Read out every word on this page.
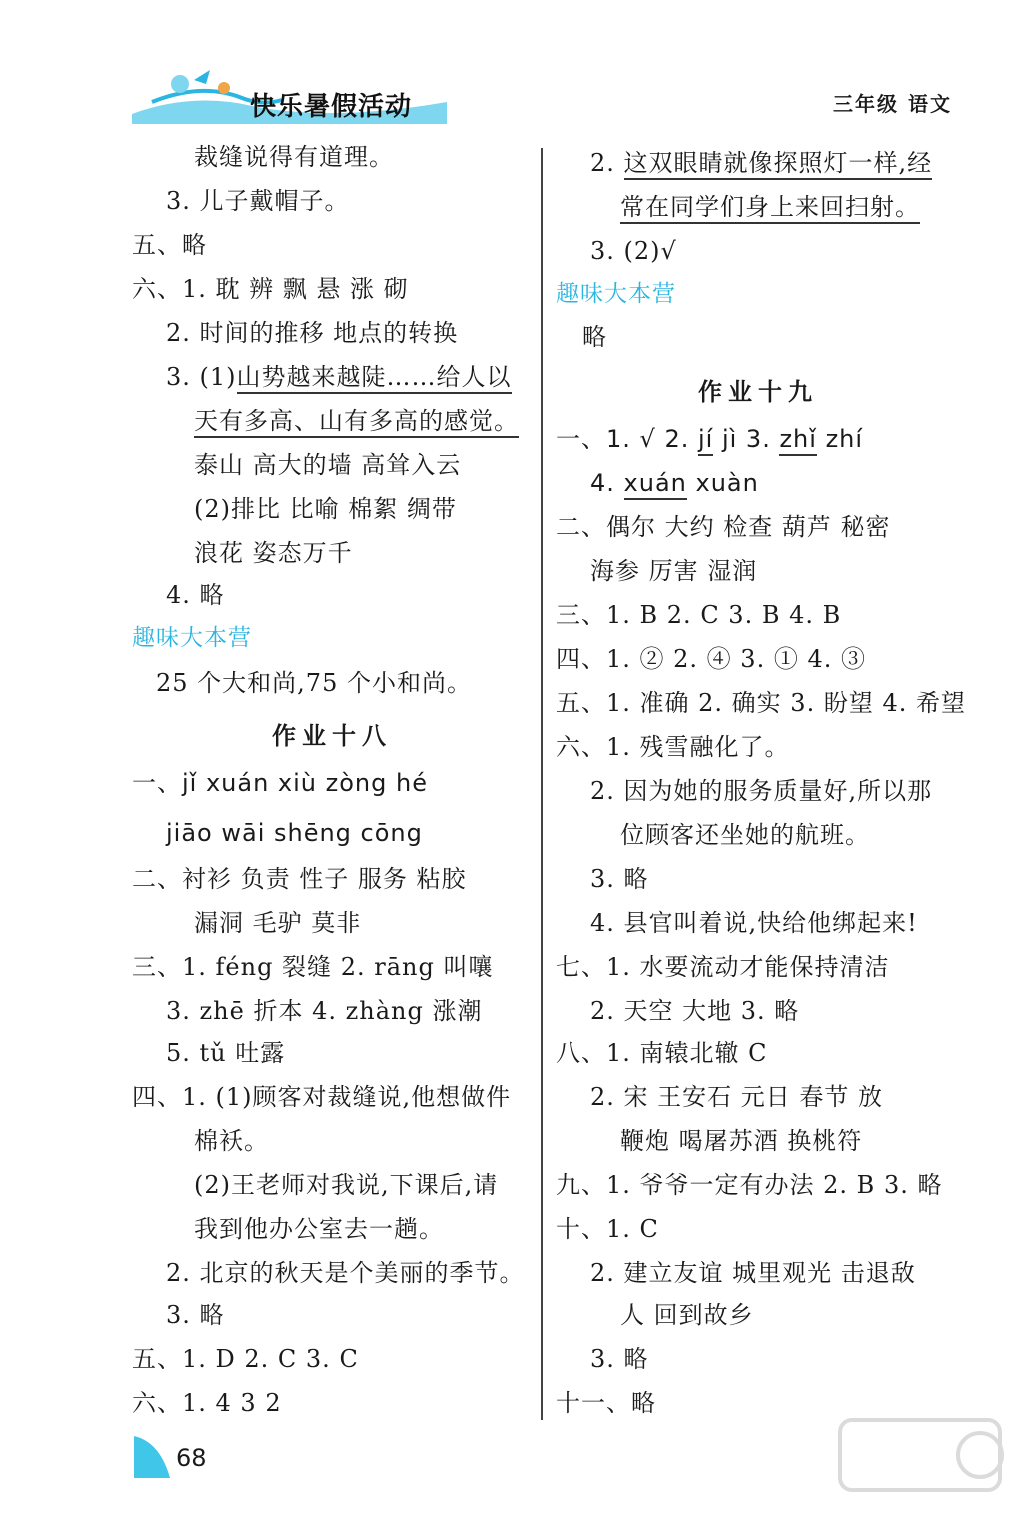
快乐暑假活动	三年级 语文
裁缝说得有道理。
3. 儿子戴帽子。
五、略
六、1. 耽 辨 飘 悬 涨 砌
2. 时间的推移 地点的转换
3. (1)山势越来越陡……给人以
天有多高、山有多高的感觉。
泰山 高大的墙 高耸入云
(2)排比 比喻 棉絮 绸带
浪花 姿态万千
4. 略
趣味大本营
25 个大和尚,75 个小和尚。
作业十八
一、jǐ xuán xiù zòng hé
jiāo wāi shēng cōng
二、衬衫 负责 性子 服务 粘胶
漏洞 毛驴 莫非
三、1. féng 裂缝 2. rāng 叫嚷
3. zhē 折本 4. zhàng 涨潮
5. tǔ 吐露
四、1. (1)顾客对裁缝说,他想做件
棉袄。
(2)王老师对我说,下课后,请
我到他办公室去一趟。
2. 北京的秋天是个美丽的季节。
3. 略
五、1. D 2. C 3. C
六、1. 4 3 2
2. 这双眼睛就像探照灯一样,经
常在同学们身上来回扫射。
3. (2)√
趣味大本营
略
作业十九
一、1. √ 2. jí jì 3. zhǐ zhí
4. xuán xuàn
二、偶尔 大约 检查 葫芦 秘密
海参 厉害 湿润
三、1. B 2. C 3. B 4. B
四、1. ② 2. ④ 3. ① 4. ③
五、1. 准确 2. 确实 3. 盼望 4. 希望
六、1. 残雪融化了。
2. 因为她的服务质量好,所以那
位顾客还坐她的航班。
3. 略
4. 县官叫着说,快给他绑起来!
七、1. 水要流动才能保持清洁
2. 天空 大地 3. 略
八、1. 南辕北辙 C
2. 宋 王安石 元日 春节 放
鞭炮 喝屠苏酒 换桃符
九、1. 爷爷一定有办法 2. B 3. 略
十、1. C
2. 建立友谊 城里观光 击退敌
人 回到故乡
3. 略
十一、略
68
